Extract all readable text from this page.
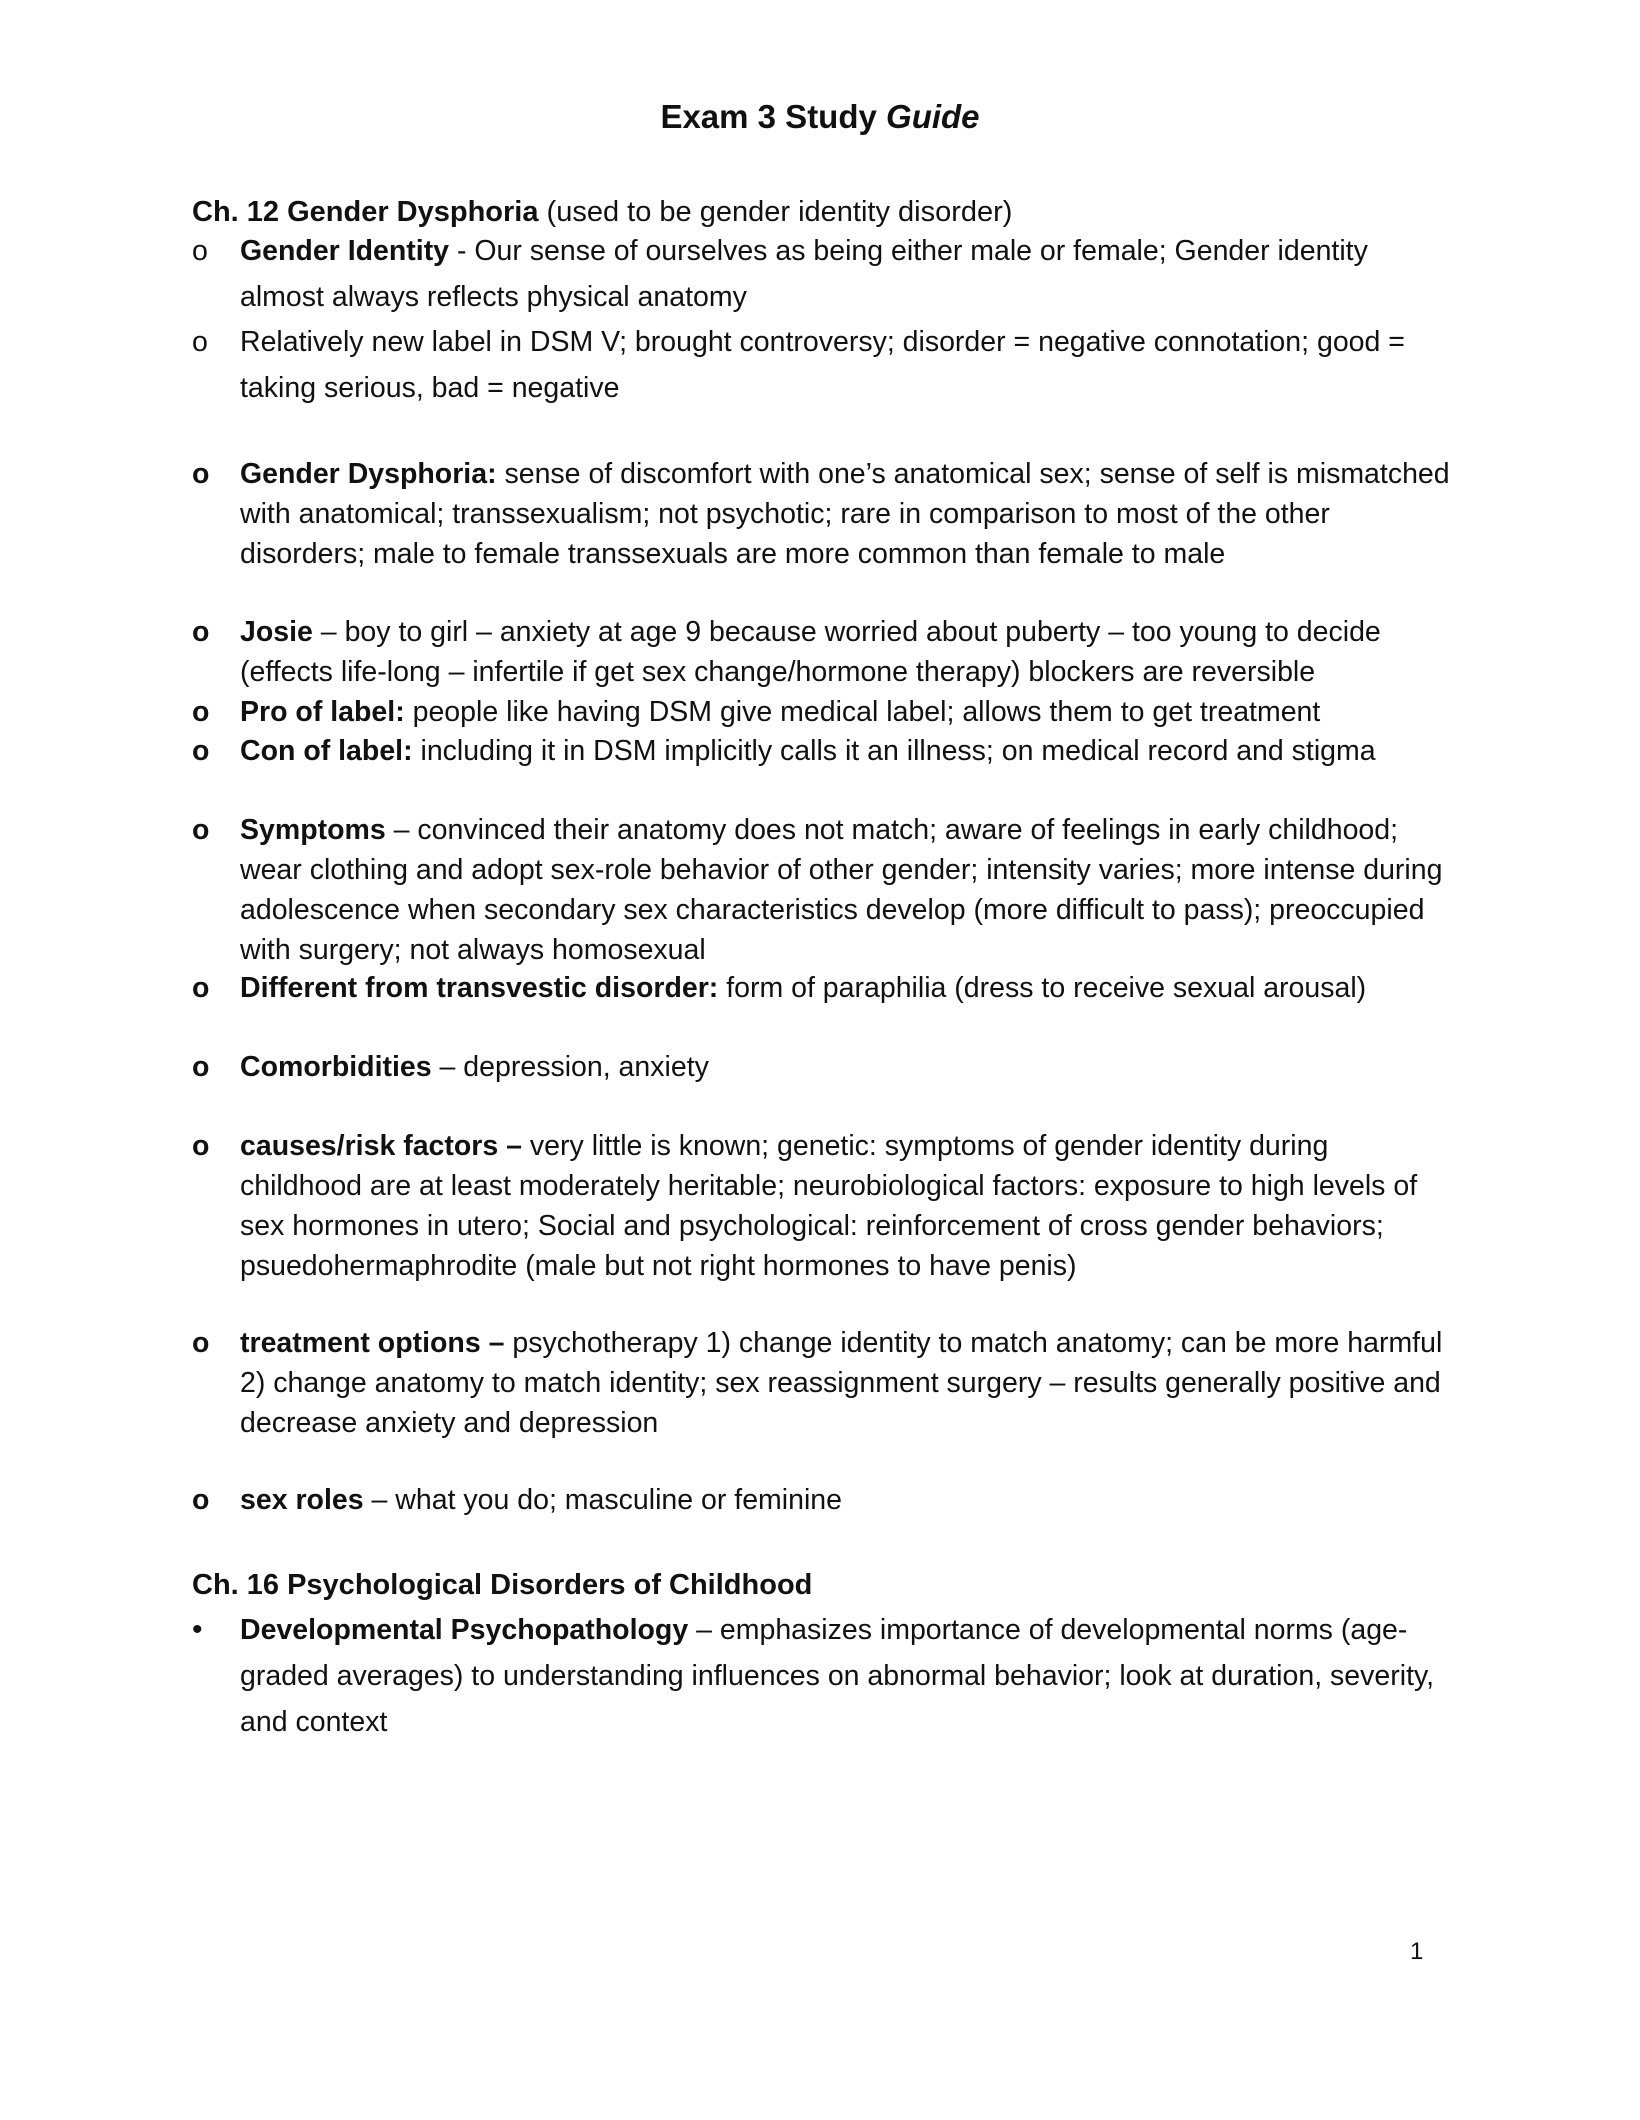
Exam 3 Study Guide

Ch. 12 Gender Dysphoria (used to be gender identity disorder)

o	Gender Identity - Our sense of ourselves as being either male or female; Gender identity almost always reflects physical anatomy
o	Relatively new label in DSM V; brought controversy; disorder = negative connotation; good = taking serious, bad = negative
o	Gender Dysphoria: sense of discomfort with one’s anatomical sex; sense of self is mismatched with anatomical; transsexualism; not psychotic; rare in comparison to most of the other disorders; male to female transsexuals are more common than female to male
o	Josie – boy to girl – anxiety at age 9 because worried about puberty – too young to decide (effects life-long – infertile if get sex change/hormone therapy) blockers are reversible
o	Pro of label: people like having DSM give medical label; allows them to get treatment
o	Con of label: including it in DSM implicitly calls it an illness; on medical record and stigma
o	Symptoms – convinced their anatomy does not match; aware of feelings in early childhood; wear clothing and adopt sex-role behavior of other gender; intensity varies; more intense during adolescence when secondary sex characteristics develop (more difficult to pass); preoccupied with surgery; not always homosexual
o	Different from transvestic disorder: form of paraphilia (dress to receive sexual arousal)
o	Comorbidities – depression, anxiety
o	causes/risk factors – very little is known; genetic: symptoms of gender identity during childhood are at least moderately heritable; neurobiological factors: exposure to high levels of sex hormones in utero; Social and psychological: reinforcement of cross gender behaviors; psuedohermaphrodite (male but not right hormones to have penis)
o	treatment options – psychotherapy 1) change identity to match anatomy; can be more harmful 2) change anatomy to match identity; sex reassignment surgery – results generally positive and decrease anxiety and depression
o	sex roles – what you do; masculine or feminine

Ch. 16 Psychological Disorders of Childhood

•	Developmental Psychopathology – emphasizes importance of developmental norms (age-graded averages) to understanding influences on abnormal behavior; look at duration, severity, and context

1
